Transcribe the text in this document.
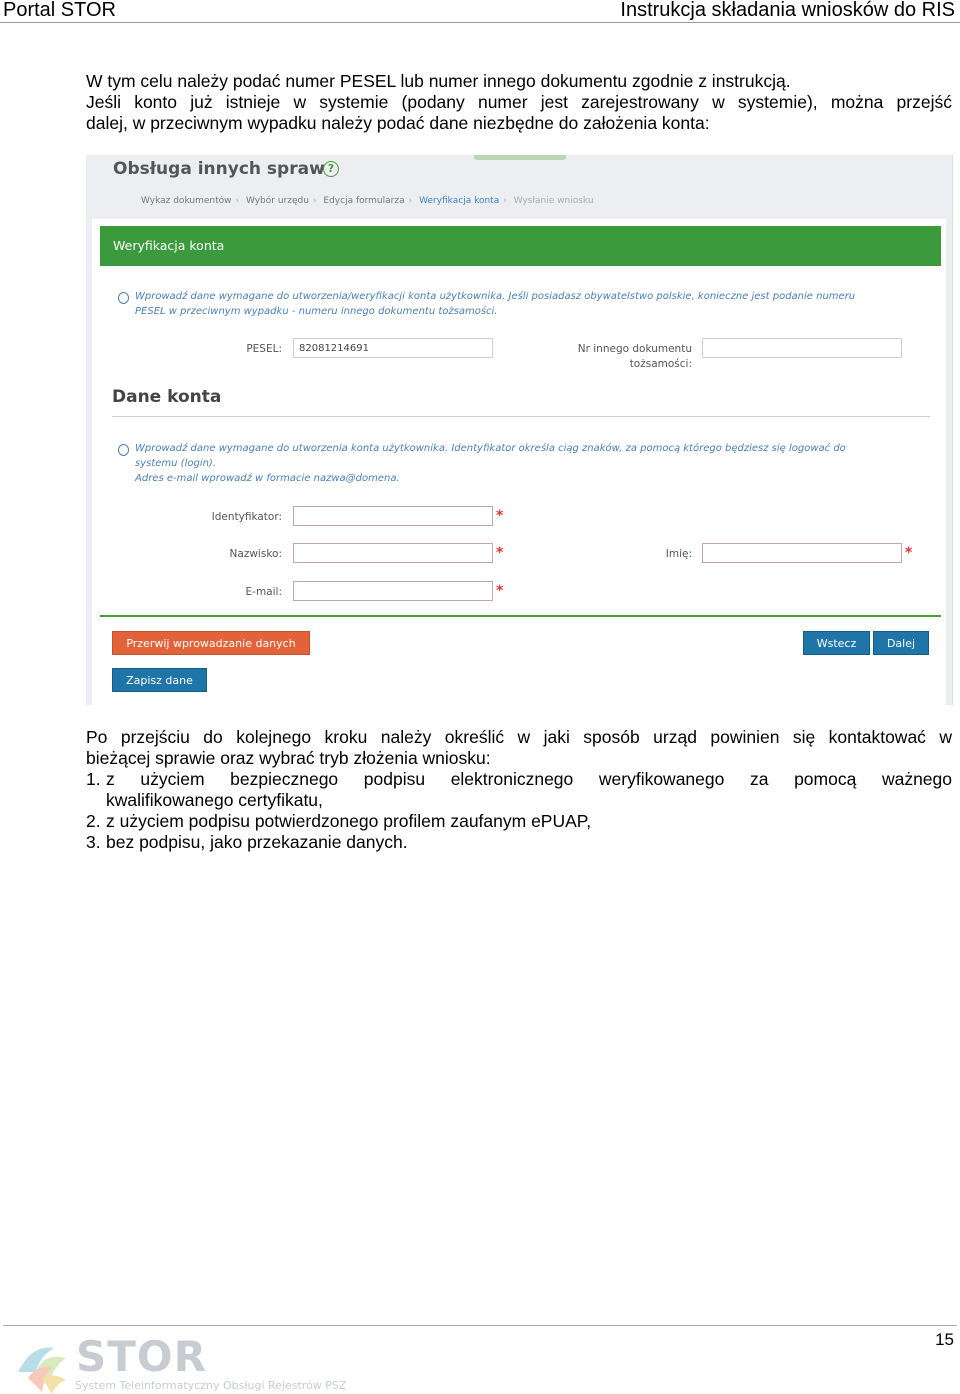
Portal STOR	Instrukcja składania wniosków do RIS
W tym celu należy podać numer PESEL lub numer innego dokumentu zgodnie z instrukcją.
Jeśli konto już istnieje w systemie (podany numer jest zarejestrowany w systemie), można przejść
dalej, w przeciwnym wypadku należy podać dane niezbędne do założenia konta:
Obsługa innych spraw ?
Wykaz dokumentów › Wybór urzędu › Edycja formularza › Weryfikacja konta › Wysłanie wniosku
Weryfikacja konta
Wprowadź dane wymagane do utworzenia/weryfikacji konta użytkownika. Jeśli posiadasz obywatelstwo polskie, konieczne jest podanie numeru
PESEL w przeciwnym wypadku - numeru innego dokumentu tożsamości.
PESEL:	82081214691	Nr innego dokumentu
tożsamości:
Dane konta
Wprowadź dane wymagane do utworzenia konta użytkownika. Identyfikator określa ciąg znaków, za pomocą którego będziesz się logować do
systemu (login).
Adres e-mail wprowadź w formacie nazwa@domena.
Identyfikator:	*
Nazwisko:	*	Imię:	*
E-mail:	*
Przerwij wprowadzanie danych	Wstecz	Dalej
Zapisz dane
Po przejściu do kolejnego kroku należy określić w jaki sposób urząd powinien się kontaktować w
bieżącej sprawie oraz wybrać tryb złożenia wniosku:
1. z użyciem bezpiecznego podpisu elektronicznego weryfikowanego za pomocą ważnego
kwalifikowanego certyfikatu,
2. z użyciem podpisu potwierdzonego profilem zaufanym ePUAP,
3. bez podpisu, jako przekazanie danych.
15
STOR
System Teleinformatyczny Obsługi Rejestrów PSZ
